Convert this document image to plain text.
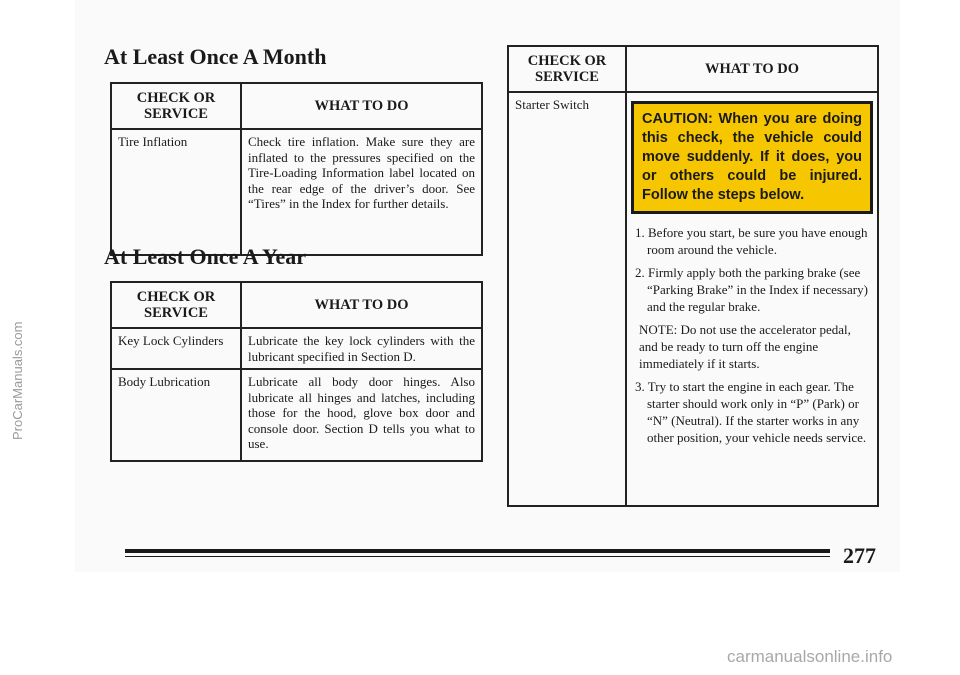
At Least Once A Month
CHECK OR SERVICE	WHAT TO DO
Tire Inflation	Check tire inflation. Make sure they are inflated to the pressures specified on the Tire-Loading Information label located on the rear edge of the driver’s door. See “Tires” in the Index for further details.
At Least Once A Year
CHECK OR SERVICE	WHAT TO DO
Key Lock Cylinders	Lubricate the key lock cylinders with the lubricant specified in Section D.
Body Lubrication	Lubricate all body door hinges. Also lubricate all hinges and latches, including those for the hood, glove box door and console door. Section D tells you what to use.
CHECK OR SERVICE	WHAT TO DO
Starter Switch	CAUTION: When you are doing this check, the vehicle could move suddenly. If it does, you or others could be injured. Follow the steps below.
1. Before you start, be sure you have enough room around the vehicle.
2. Firmly apply both the parking brake (see “Parking Brake” in the Index if necessary) and the regular brake.
NOTE: Do not use the accelerator pedal, and be ready to turn off the engine immediately if it starts.
3. Try to start the engine in each gear. The starter should work only in “P” (Park) or “N” (Neutral). If the starter works in any other position, your vehicle needs service.
277
ProCarManuals.com
carmanualsonline.info
